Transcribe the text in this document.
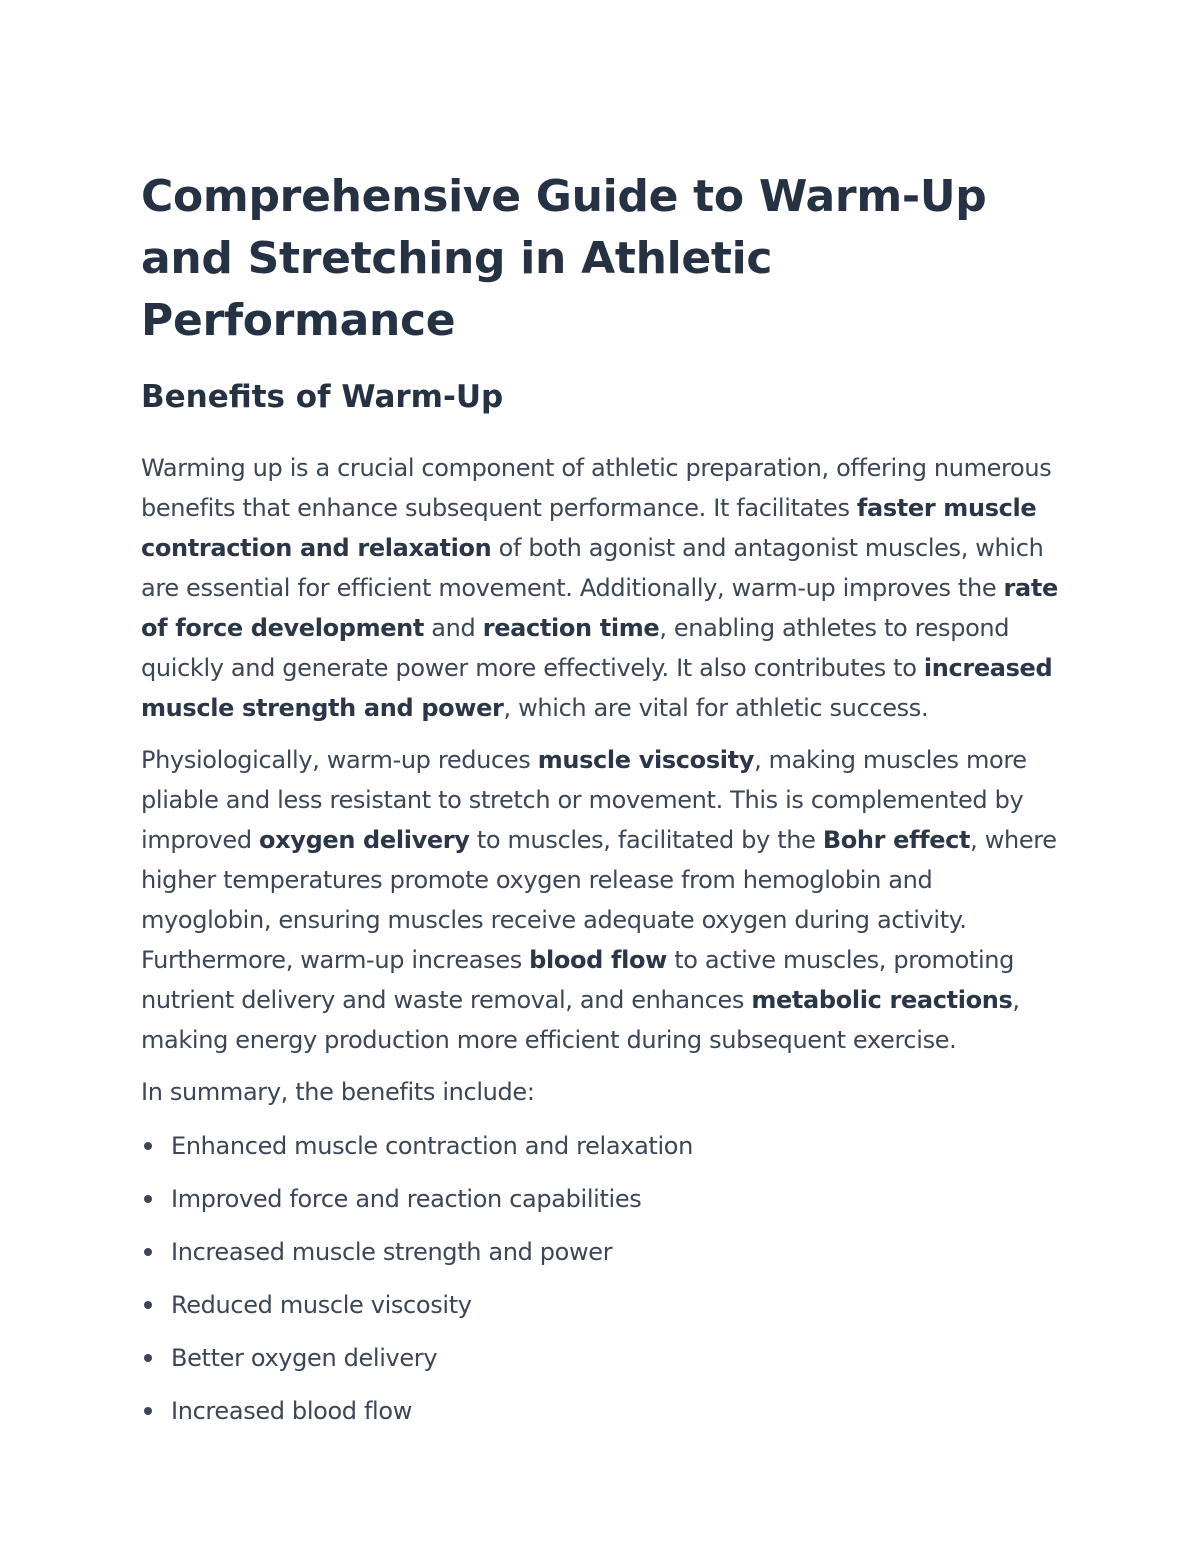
Comprehensive Guide to Warm-Up and Stretching in Athletic Performance
Benefits of Warm-Up

Warming up is a crucial component of athletic preparation, offering numerous benefits that enhance subsequent performance. It facilitates faster muscle contraction and relaxation of both agonist and antagonist muscles, which are essential for efficient movement. Additionally, warm-up improves the rate of force development and reaction time, enabling athletes to respond quickly and generate power more effectively. It also contributes to increased muscle strength and power, which are vital for athletic success.

Physiologically, warm-up reduces muscle viscosity, making muscles more pliable and less resistant to stretch or movement. This is complemented by improved oxygen delivery to muscles, facilitated by the Bohr effect, where higher temperatures promote oxygen release from hemoglobin and myoglobin, ensuring muscles receive adequate oxygen during activity. Furthermore, warm-up increases blood flow to active muscles, promoting nutrient delivery and waste removal, and enhances metabolic reactions, making energy production more efficient during subsequent exercise.

In summary, the benefits include:

Enhanced muscle contraction and relaxation
Improved force and reaction capabilities
Increased muscle strength and power
Reduced muscle viscosity
Better oxygen delivery
Increased blood flow
